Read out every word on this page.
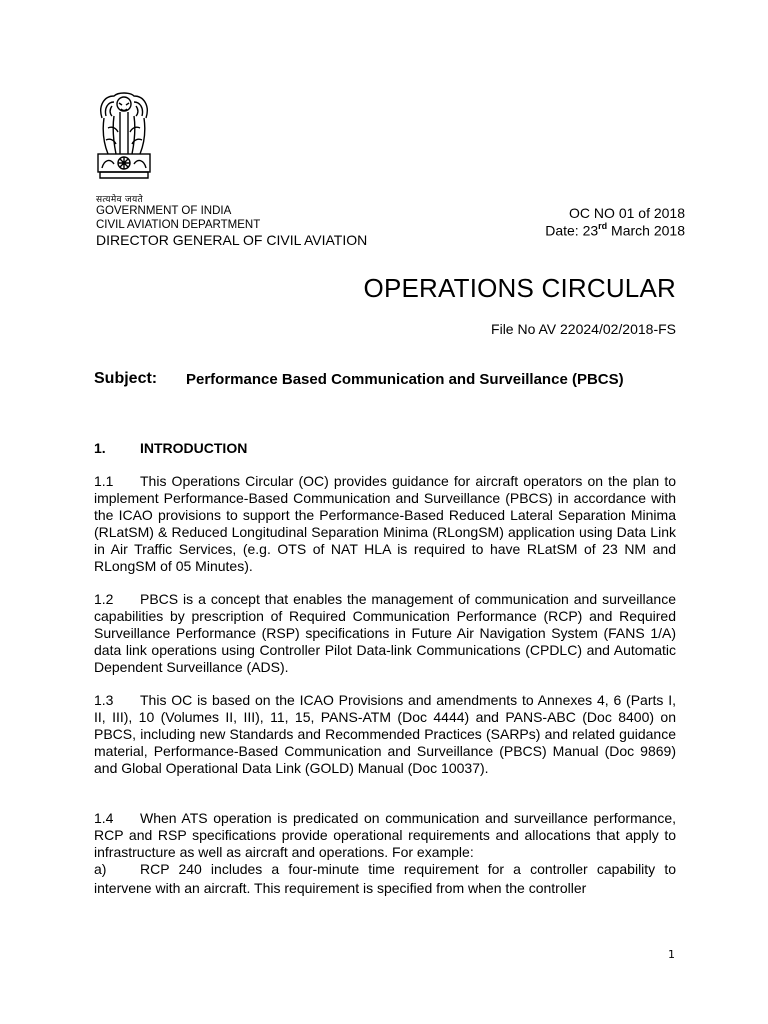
सत्यमेव जयते
GOVERNMENT OF INDIA
CIVIL AVIATION DEPARTMENT
DIRECTOR GENERAL OF CIVIL AVIATION
OC NO 01 of 2018
Date: 23rd March 2018
OPERATIONS CIRCULAR
File No AV 22024/02/2018-FS
Subject:	Performance Based Communication and Surveillance (PBCS)
1. INTRODUCTION
1.1 This Operations Circular (OC) provides guidance for aircraft operators on the plan to implement Performance-Based Communication and Surveillance (PBCS) in accordance with the ICAO provisions to support the Performance-Based Reduced Lateral Separation Minima (RLatSM) & Reduced Longitudinal Separation Minima (RLongSM) application using Data Link in Air Traffic Services, (e.g. OTS of NAT HLA is required to have RLatSM of 23 NM and RLongSM of 05 Minutes).
1.2 PBCS is a concept that enables the management of communication and surveillance capabilities by prescription of Required Communication Performance (RCP) and Required Surveillance Performance (RSP) specifications in Future Air Navigation System (FANS 1/A) data link operations using Controller Pilot Data-link Communications (CPDLC) and Automatic Dependent Surveillance (ADS).
1.3 This OC is based on the ICAO Provisions and amendments to Annexes 4, 6 (Parts I, II, III), 10 (Volumes II, III), 11, 15, PANS-ATM (Doc 4444) and PANS-ABC (Doc 8400) on PBCS, including new Standards and Recommended Practices (SARPs) and related guidance material, Performance-Based Communication and Surveillance (PBCS) Manual (Doc 9869) and Global Operational Data Link (GOLD) Manual (Doc 10037).
1.4 When ATS operation is predicated on communication and surveillance performance, RCP and RSP specifications provide operational requirements and allocations that apply to infrastructure as well as aircraft and operations. For example:
a) RCP 240 includes a four-minute time requirement for a controller capability to intervene with an aircraft. This requirement is specified from when the controller
1
